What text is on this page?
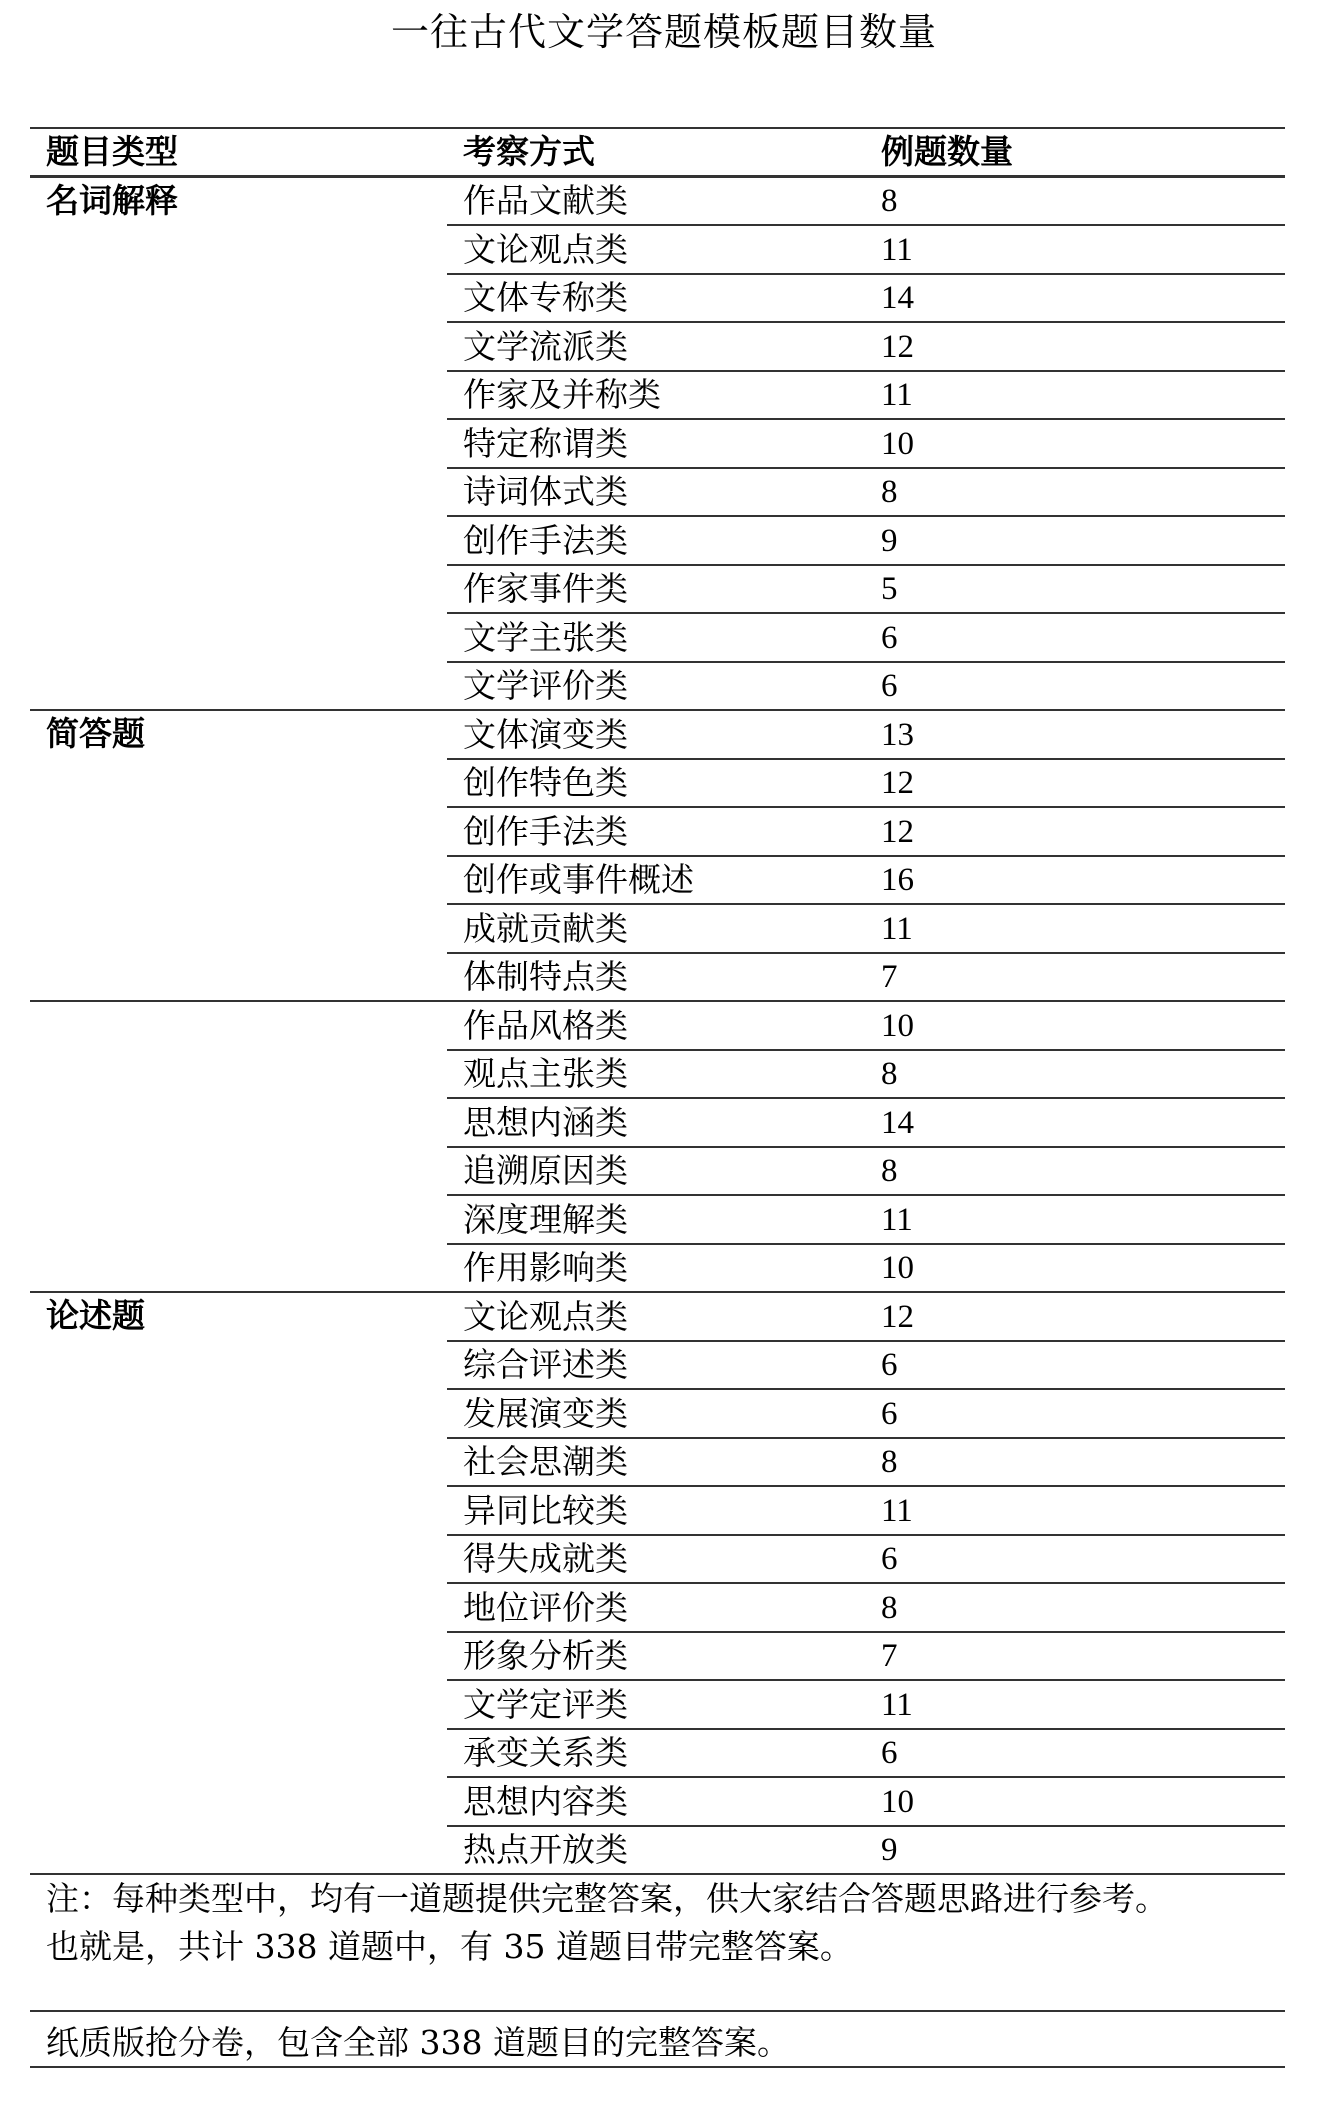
一往古代文学答题模板题目数量
题目类型	考察方式	例题数量
名词解释	作品文献类	8
	文论观点类	11
	文体专称类	14
	文学流派类	12
	作家及并称类	11
	特定称谓类	10
	诗词体式类	8
	创作手法类	9
	作家事件类	5
	文学主张类	6
	文学评价类	6
简答题	文体演变类	13
	创作特色类	12
	创作手法类	12
	创作或事件概述	16
	成就贡献类	11
	体制特点类	7
	作品风格类	10
	观点主张类	8
	思想内涵类	14
	追溯原因类	8
	深度理解类	11
	作用影响类	10
论述题	文论观点类	12
	综合评述类	6
	发展演变类	6
	社会思潮类	8
	异同比较类	11
	得失成就类	6
	地位评价类	8
	形象分析类	7
	文学定评类	11
	承变关系类	6
	思想内容类	10
	热点开放类	9
注：每种类型中，均有一道题提供完整答案，供大家结合答题思路进行参考。
也就是，共计 338 道题中，有 35 道题目带完整答案。
纸质版抢分卷，包含全部 338 道题目的完整答案。
